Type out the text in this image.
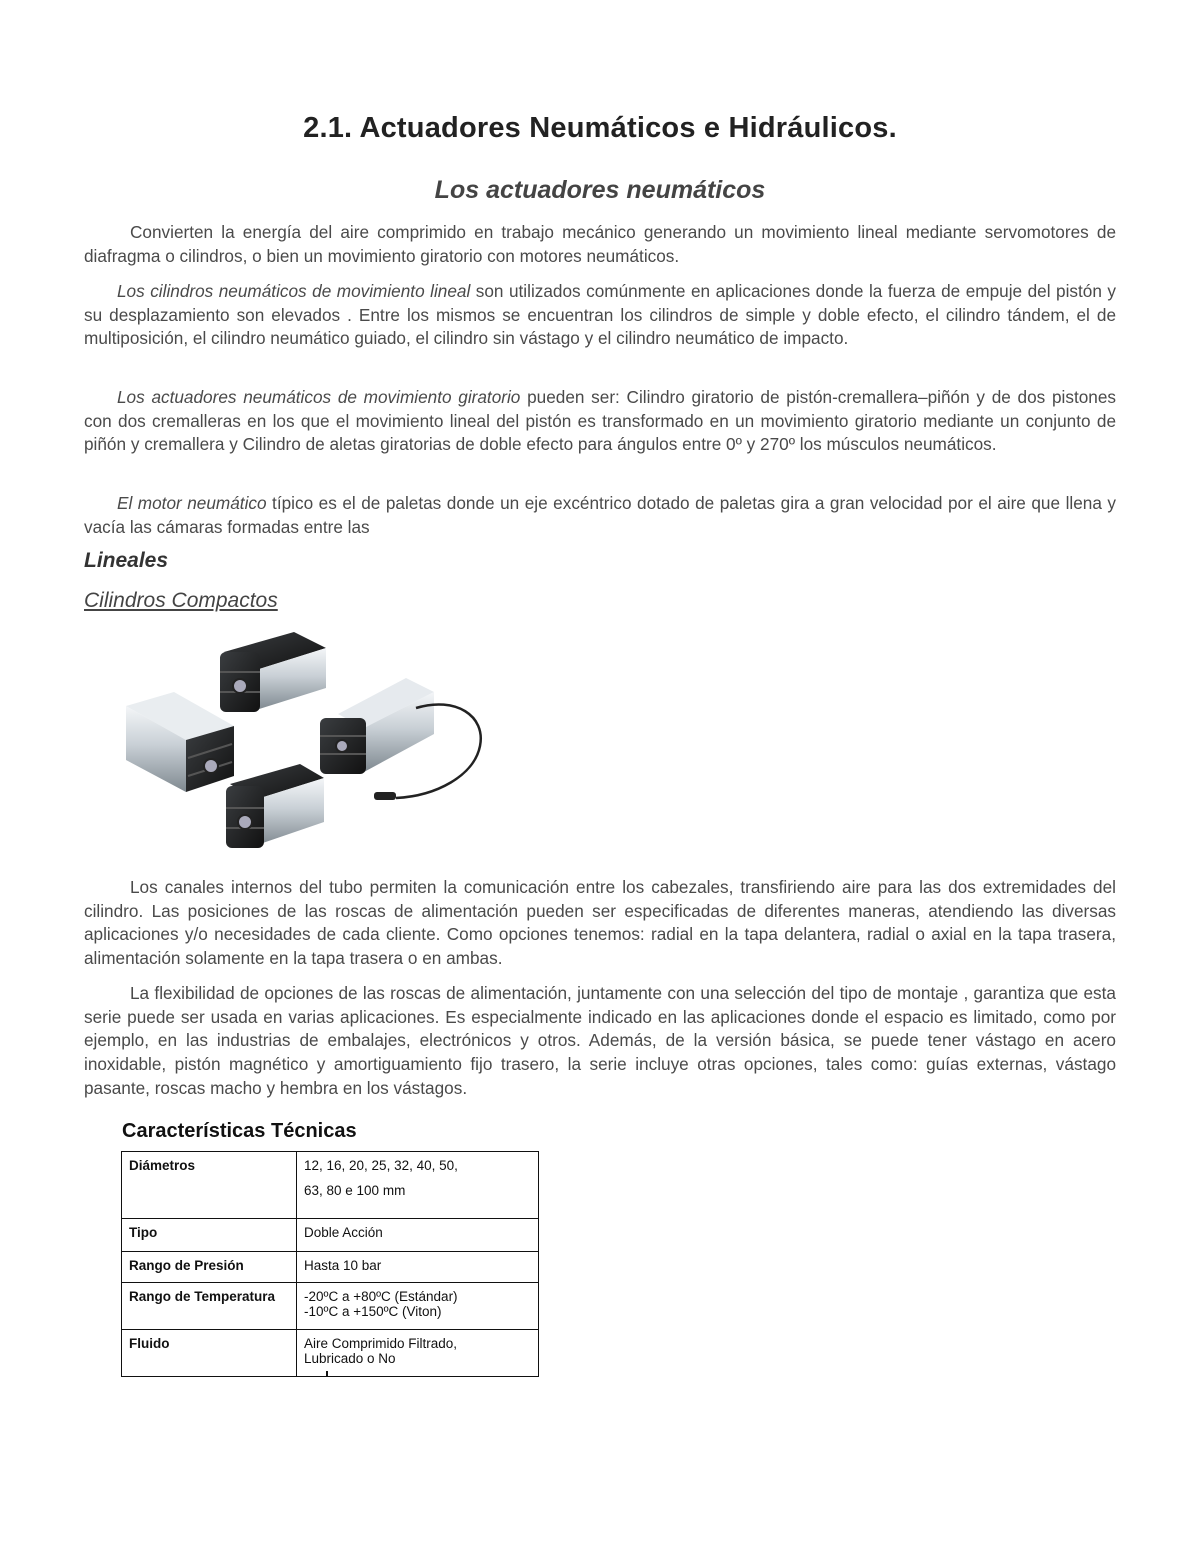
2.1. Actuadores Neumáticos e Hidráulicos.
Los actuadores neumáticos

Convierten la energía del aire comprimido en trabajo mecánico generando un movimiento lineal mediante servomotores de diafragma o cilindros, o bien un movimiento giratorio con motores neumáticos.

Los cilindros neumáticos de movimiento lineal son utilizados comúnmente en aplicaciones donde la fuerza de empuje del pistón y su desplazamiento son elevados . Entre los mismos se encuentran los cilindros de simple y doble efecto, el cilindro tándem, el de multiposición, el cilindro neumático guiado, el cilindro sin vástago y el cilindro neumático de impacto.

Los actuadores neumáticos de movimiento giratorio pueden ser: Cilindro giratorio de pistón-cremallera–piñón y de dos pistones con dos cremalleras en los que el movimiento lineal del pistón es transformado en un movimiento giratorio mediante un conjunto de piñón y cremallera y Cilindro de aletas giratorias de doble efecto para ángulos entre 0º y 270º los músculos neumáticos.

El motor neumático típico es el de paletas donde un eje excéntrico dotado de paletas gira a gran velocidad por el aire que llena y vacía las cámaras formadas entre las

Lineales

Cilindros Compactos

Los canales internos del tubo permiten la comunicación entre los cabezales, transfiriendo aire para las dos extremidades del cilindro. Las posiciones de las roscas de alimentación pueden ser especificadas de diferentes maneras, atendiendo las diversas aplicaciones y/o necesidades de cada cliente. Como opciones tenemos: radial en la tapa delantera, radial o axial en la tapa trasera, alimentación solamente en la tapa trasera o en ambas.

La flexibilidad de opciones de las roscas de alimentación, juntamente con una selección del tipo de montaje , garantiza que esta serie puede ser usada en varias aplicaciones. Es especialmente indicado en las aplicaciones donde el espacio es limitado, como por ejemplo, en las industrias de embalajes, electrónicos y otros. Además, de la versión básica, se puede tener vástago en acero inoxidable, pistón magnético y amortiguamiento fijo trasero, la serie incluye otras opciones, tales como: guías externas, vástago pasante, roscas macho y hembra en los vástagos.

Características Técnicas

Diámetros	12, 16, 20, 25, 32, 40, 50,
63, 80 e 100 mm

Tipo	Doble Acción

Rango de Presión	Hasta 10 bar

Rango de Temperatura	-20ºC a +80ºC (Estándar)
-10ºC a +150ºC (Viton)

Fluido	Aire Comprimido Filtrado,
Lubricado o No
